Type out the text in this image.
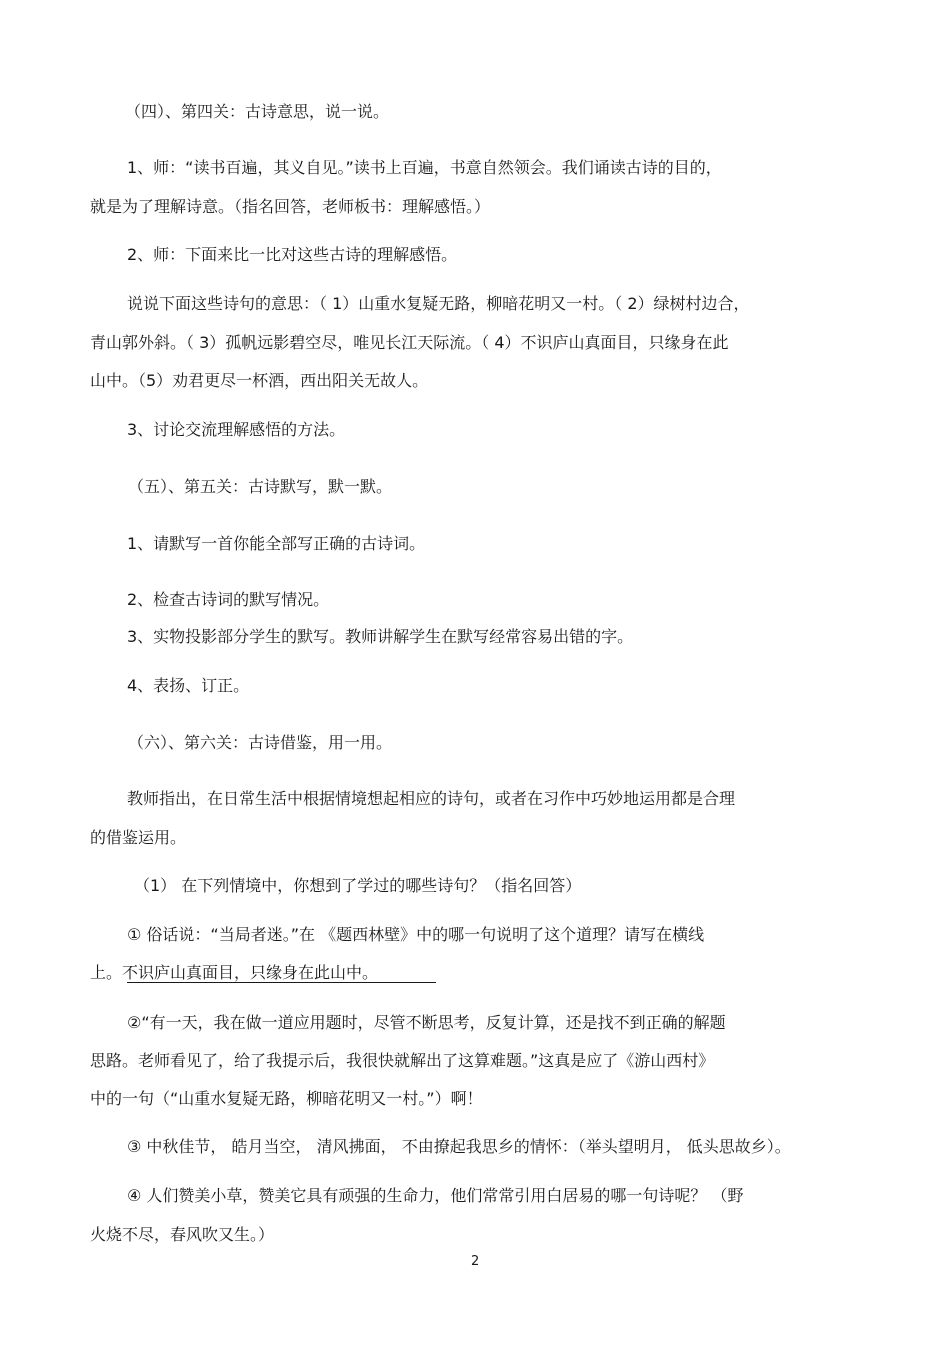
（四）、第四关：古诗意思，说一说。

1、师：“读书百遍，其义自见。”读书上百遍，书意自然领会。我们诵读古诗的目的，

就是为了理解诗意。（指名回答，老师板书：理解感悟。）

2、师：下面来比一比对这些古诗的理解感悟。

说说下面这些诗句的意思：（ 1）山重水复疑无路，柳暗花明又一村。（ 2）绿树村边合，

青山郭外斜。（ 3）孤帆远影碧空尽，唯见长江天际流。（ 4）不识庐山真面目，只缘身在此

山中。（5）劝君更尽一杯酒，西出阳关无故人。

3、讨论交流理解感悟的方法。

（五）、第五关：古诗默写，默一默。

1、请默写一首你能全部写正确的古诗词。

2、检查古诗词的默写情况。

3、实物投影部分学生的默写。教师讲解学生在默写经常容易出错的字。

4、表扬、订正。

（六）、第六关：古诗借鉴，用一用。

教师指出，在日常生活中根据情境想起相应的诗句，或者在习作中巧妙地运用都是合理

的借鉴运用。

（1） 在下列情境中，你想到了学过的哪些诗句？（指名回答）

① 俗话说：“当局者迷。”在 《题西林壁》中的哪一句说明了这个道理？请写在横线

上。不识庐山真面目，只缘身在此山中。

②“有一天，我在做一道应用题时，尽管不断思考，反复计算，还是找不到正确的解题

思路。老师看见了，给了我提示后，我很快就解出了这算难题。”这真是应了《游山西村》

中的一句（“山重水复疑无路，柳暗花明又一村。”）啊！

③ 中秋佳节， 皓月当空， 清风拂面， 不由撩起我思乡的情怀：（举头望明月， 低头思故乡）。

④ 人们赞美小草，赞美它具有顽强的生命力，他们常常引用白居易的哪一句诗呢？ （野

火烧不尽，春风吹又生。）

2
